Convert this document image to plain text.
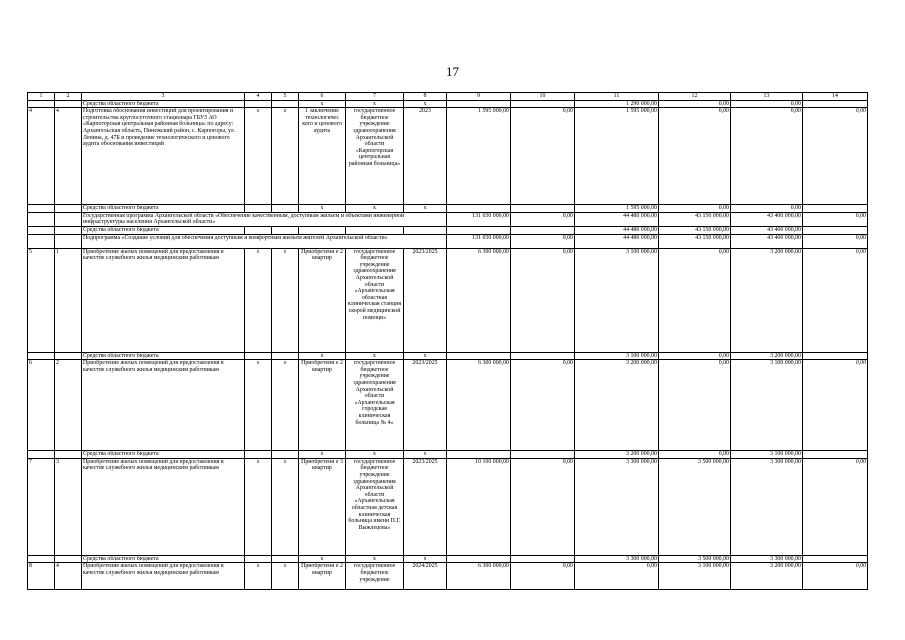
17
1	2	3	4	5	6	7	8	9	10	11	12	13	14
		Средства областного бюджета			х	х	х			1 290 000,00	0,00	0,00	
4	4	Подготовка обоснования инвестиций для проектирования и строительства круглосуточного стационара ГБУЗ АО «Карпогорская центральная районная больница» по адресу: Архангельская область, Пинежский район, с. Карпогоры, ул. Ленина, д. 47Б и проведение технологического и ценового аудита обоснования инвестиций	х	х	1 заключение технологичес кого и ценового аудита	государственное бюджетное учреждение здравоохранения Архангельской области «Карпогорская центральная районная больница»	2023	1 595 000,00	0,00	1 595 000,00	0,00	0,00	0,00
		Средства областного бюджета			х	х	х			1 595 000,00	0,00	0,00	
		Государственная программа Архангельской области «Обеспечение качественным, доступным жильем и объектами инженерной инфраструктуры населения Архангельской области»						131 030 000,00	0,00	44 480 000,00	43 150 000,00	43 400 000,00	0,00
		Средства областного бюджета								44 480 000,00	43 150 000,00	43 400 000,00	
		Подпрограмма «Создание условий для обеспечения доступным и комфортным жильем жителей Архангельской области»						131 030 000,00	0,00	44 480 000,00	43 150 000,00	43 400 000,00	0,00
5	1	Приобретение жилых помещений для предоставления в качестве служебного жилья медицинским работникам	х	х	Приобретени е 2 квартир	государственное бюджетное учреждение здравоохранения Архангельской области «Архангельская областная клиническая станция скорой медицинской помощи»	2023/2025	6 300 000,00	0,00	3 100 000,00	0,00	3 200 000,00	0,00
		Средства областного бюджета			х	х	х			3 100 000,00	0,00	3 200 000,00	
6	2	Приобретение жилых помещений для предоставления в качестве служебного жилья медицинским работникам	х	х	Приобретени е 2 квартир	государственное бюджетное учреждение здравоохранения Архангельской области «Архангельская городская клиническая больница № 4»	2023/2025	6 300 000,00	0,00	3 200 000,00	0,00	3 100 000,00	0,00
		Средства областного бюджета			х	х	х			3 200 000,00	0,00	3 100 000,00	
7	3	Приобретение жилых помещений для предоставления в качестве служебного жилья медицинским работникам	х	х	Приобретени е 3 квартир	государственное бюджетное учреждение здравоохранения Архангельской области «Архангельская областная детская клиническая больница имени П.Г. Выжлецова»	2023/2025	10 100 000,00	0,00	3 300 000,00	3 500 000,00	3 300 000,00	0,00
		Средства областного бюджета			х	х	х			3 300 000,00	3 500 000,00	3 300 000,00	
8	4	Приобретение жилых помещений для предоставления в качестве служебного жилья медицинским работникам	х	х	Приобретени е 2 квартир	государственное бюджетное учреждение	2024/2025	6 300 000,00	0,00	0,00	3 100 000,00	3 200 000,00	0,00
